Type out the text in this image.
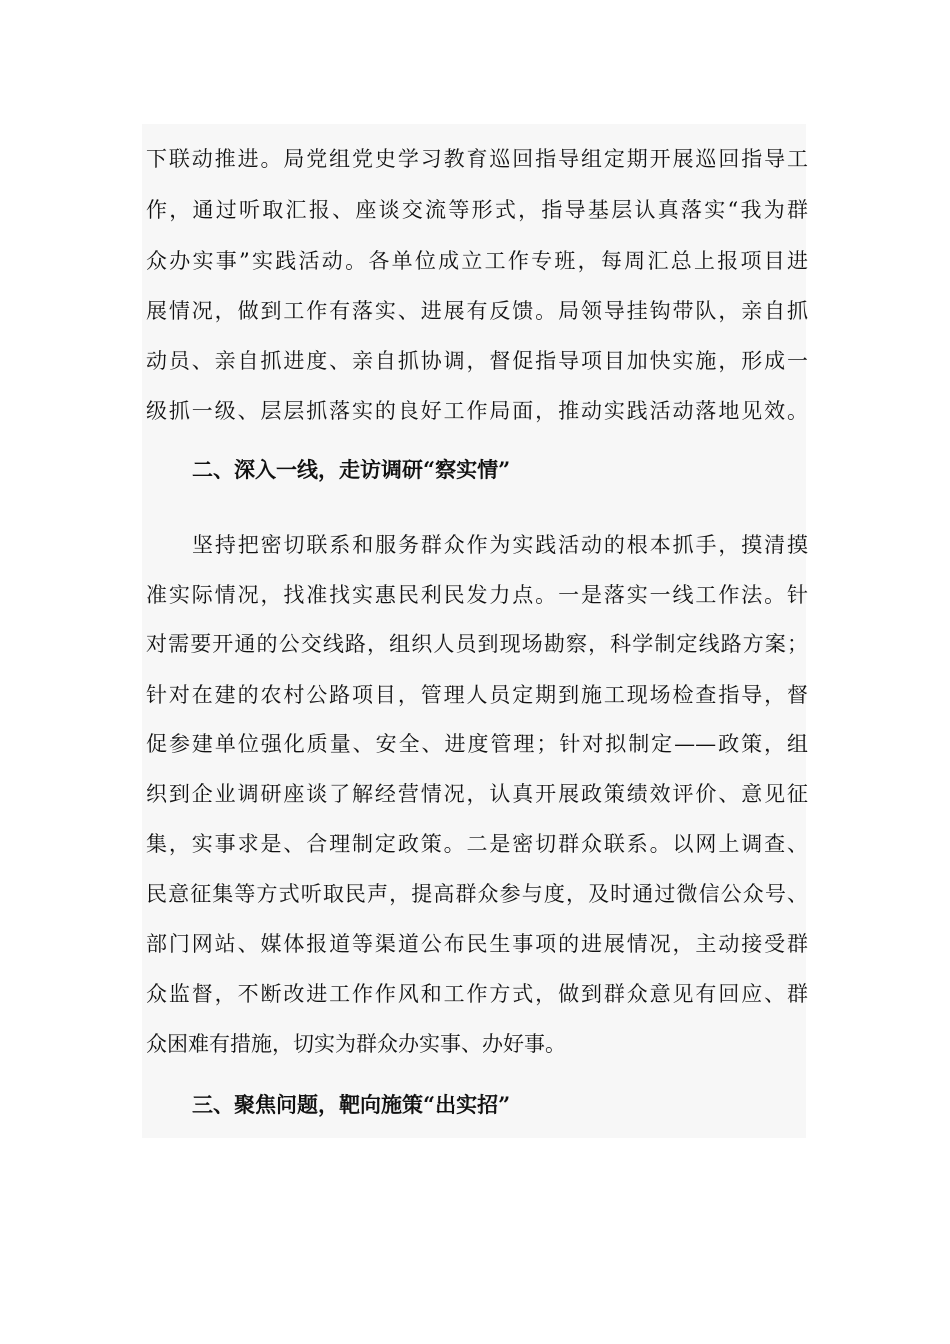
下联动推进。局党组党史学习教育巡回指导组定期开展巡回指导工
作，通过听取汇报、座谈交流等形式，指导基层认真落实“我为群
众办实事”实践活动。各单位成立工作专班，每周汇总上报项目进
展情况，做到工作有落实、进展有反馈。局领导挂钩带队，亲自抓
动员、亲自抓进度、亲自抓协调，督促指导项目加快实施，形成一
级抓一级、层层抓落实的良好工作局面，推动实践活动落地见效。
二、深入一线，走访调研“察实情”
坚持把密切联系和服务群众作为实践活动的根本抓手，摸清摸
准实际情况，找准找实惠民利民发力点。一是落实一线工作法。针
对需要开通的公交线路，组织人员到现场勘察，科学制定线路方案；
针对在建的农村公路项目，管理人员定期到施工现场检查指导，督
促参建单位强化质量、安全、进度管理；针对拟制定——政策，组
织到企业调研座谈了解经营情况，认真开展政策绩效评价、意见征
集，实事求是、合理制定政策。二是密切群众联系。以网上调查、
民意征集等方式听取民声，提高群众参与度，及时通过微信公众号、
部门网站、媒体报道等渠道公布民生事项的进展情况，主动接受群
众监督，不断改进工作作风和工作方式，做到群众意见有回应、群
众困难有措施，切实为群众办实事、办好事。
三、聚焦问题，靶向施策“出实招”
